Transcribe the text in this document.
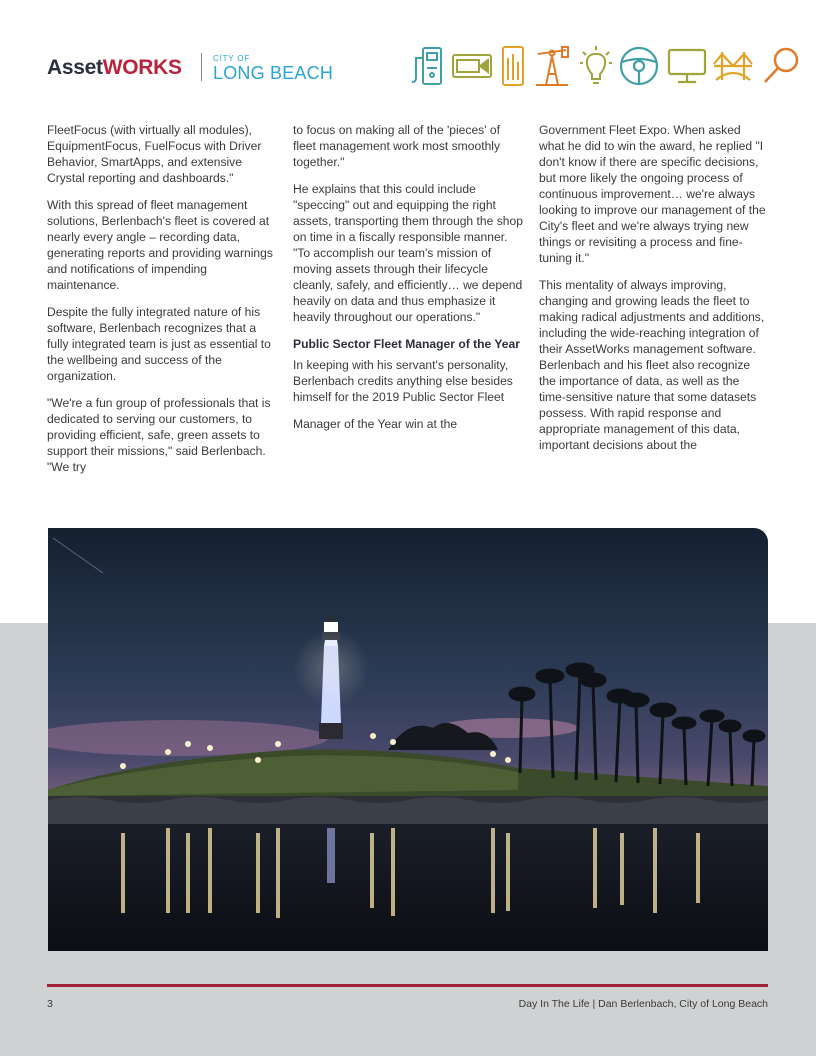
AssetWORKS	CITY OF
LONG BEACH

FleetFocus (with virtually all modules), EquipmentFocus, FuelFocus with Driver Behavior, SmartApps, and extensive Crystal reporting and dashboards."

With this spread of fleet management solutions, Berlenbach's fleet is covered at nearly every angle – recording data, generating reports and providing warnings and notifications of impending maintenance.

Despite the fully integrated nature of his software, Berlenbach recognizes that a fully integrated team is just as essential to the wellbeing and success of the organization.

"We're a fun group of professionals that is dedicated to serving our customers, to providing efficient, safe, green assets to support their missions," said Berlenbach. "We try

to focus on making all of the 'pieces' of fleet management work most smoothly together."

He explains that this could include "speccing" out and equipping the right assets, transporting them through the shop on time in a fiscally responsible manner. "To accomplish our team's mission of moving assets through their lifecycle cleanly, safely, and efficiently… we depend heavily on data and thus emphasize it heavily throughout our operations."

Public Sector Fleet Manager of the Year

In keeping with his servant's personality, Berlenbach credits anything else besides himself for the 2019 Public Sector Fleet

Manager of the Year win at the

Government Fleet Expo. When asked what he did to win the award, he replied "I don't know if there are specific decisions, but more likely the ongoing process of continuous improvement… we're always looking to improve our management of the City's fleet and we're always trying new things or revisiting a process and fine-tuning it."

This mentality of always improving, changing and growing leads the fleet to making radical adjustments and additions, including the wide-reaching integration of their AssetWorks management software. Berlenbach and his fleet also recognize the importance of data, as well as the time-sensitive nature that some datasets possess. With rapid response and appropriate management of this data, important decisions about the

3	Day In The Life | Dan Berlenbach, City of Long Beach
